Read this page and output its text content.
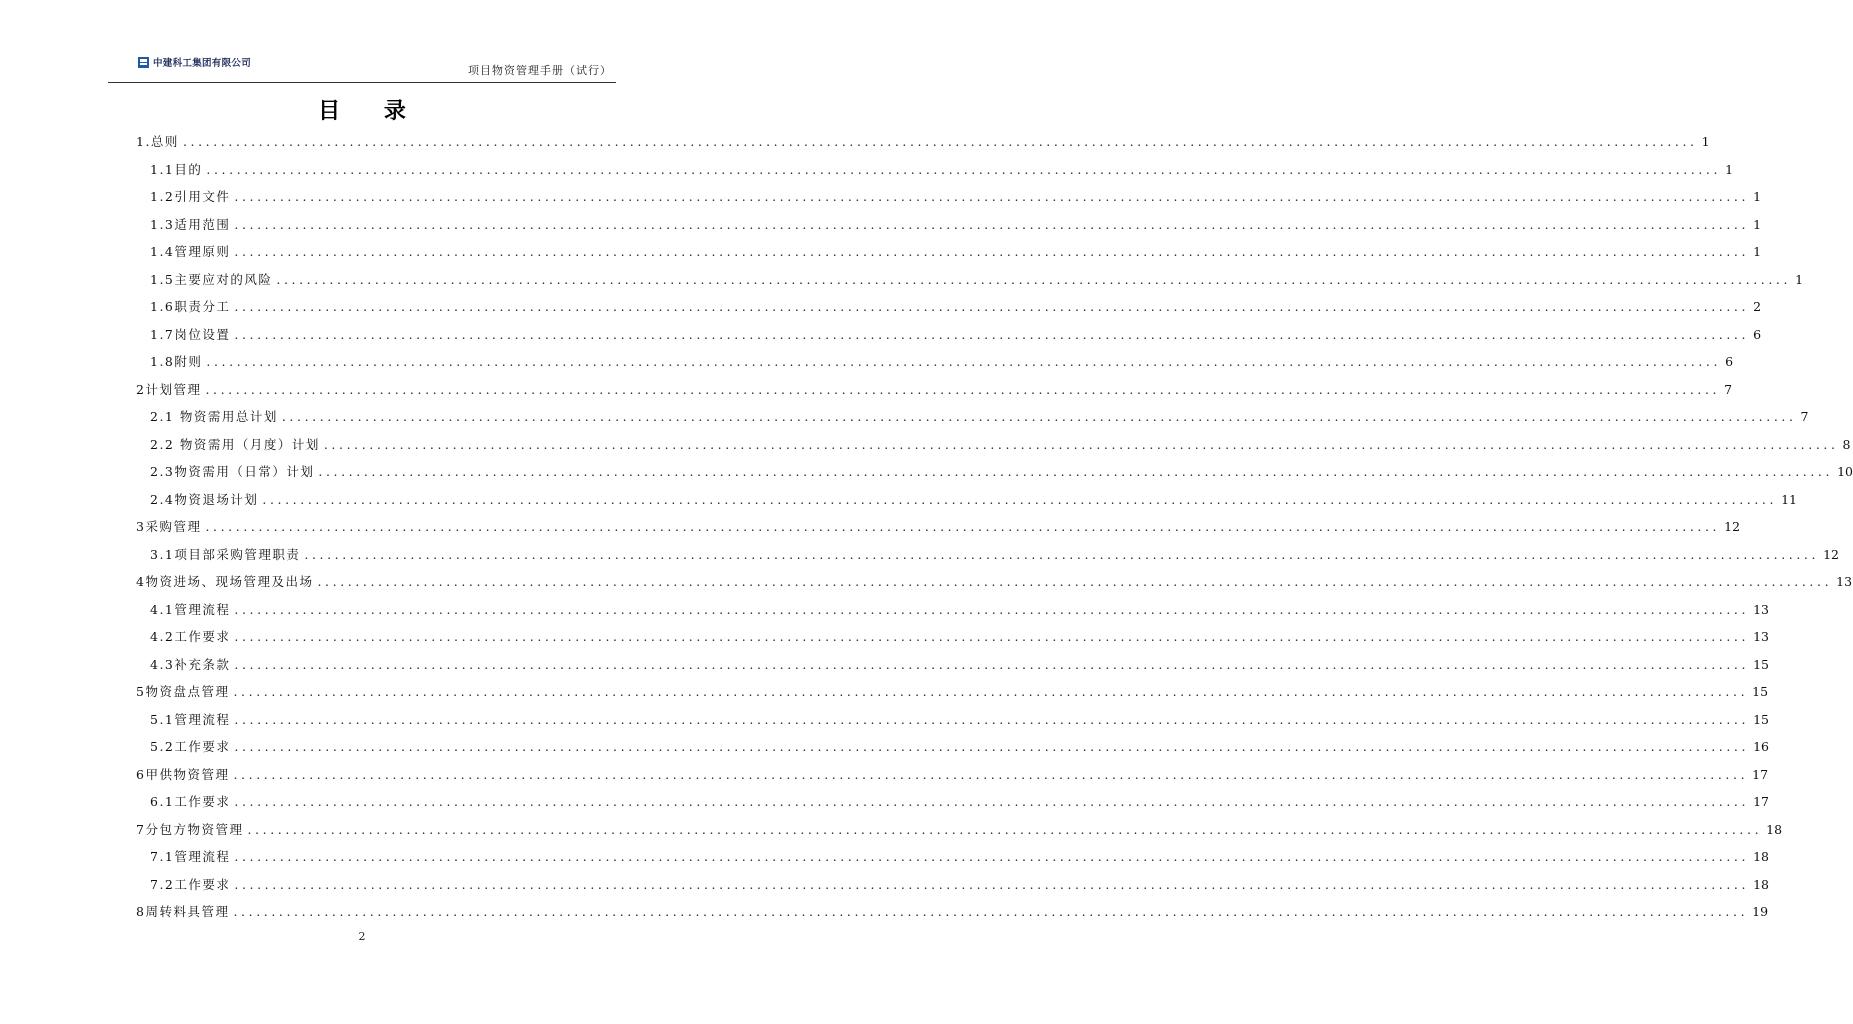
中建科工集团有限公司
项目物资管理手册（试行）
目 录
1.总则 ........................................................................................................................................................................................................ 1
1.1目的 ........................................................................................................................................................................................................ 1
1.2引用文件 ........................................................................................................................................................................................................ 1
1.3适用范围 ........................................................................................................................................................................................................ 1
1.4管理原则 ........................................................................................................................................................................................................ 1
1.5主要应对的风险 ........................................................................................................................................................................................................ 1
1.6职责分工 ........................................................................................................................................................................................................ 2
1.7岗位设置 ........................................................................................................................................................................................................ 6
1.8附则 ........................................................................................................................................................................................................ 6
2计划管理 ........................................................................................................................................................................................................ 7
2.1 物资需用总计划 ........................................................................................................................................................................................................ 7
2.2 物资需用（月度）计划 ........................................................................................................................................................................................................ 8
2.3物资需用（日常）计划 ........................................................................................................................................................................................................ 10
2.4物资退场计划 ........................................................................................................................................................................................................ 11
3采购管理 ........................................................................................................................................................................................................ 12
3.1项目部采购管理职责 ........................................................................................................................................................................................................ 12
4物资进场、现场管理及出场 ........................................................................................................................................................................................................ 13
4.1管理流程 ........................................................................................................................................................................................................ 13
4.2工作要求 ........................................................................................................................................................................................................ 13
4.3补充条款 ........................................................................................................................................................................................................ 15
5物资盘点管理 ........................................................................................................................................................................................................ 15
5.1管理流程 ........................................................................................................................................................................................................ 15
5.2工作要求 ........................................................................................................................................................................................................ 16
6甲供物资管理 ........................................................................................................................................................................................................ 17
6.1工作要求 ........................................................................................................................................................................................................ 17
7分包方物资管理 ........................................................................................................................................................................................................ 18
7.1管理流程 ........................................................................................................................................................................................................ 18
7.2工作要求 ........................................................................................................................................................................................................ 18
8周转料具管理 ........................................................................................................................................................................................................ 19
2
